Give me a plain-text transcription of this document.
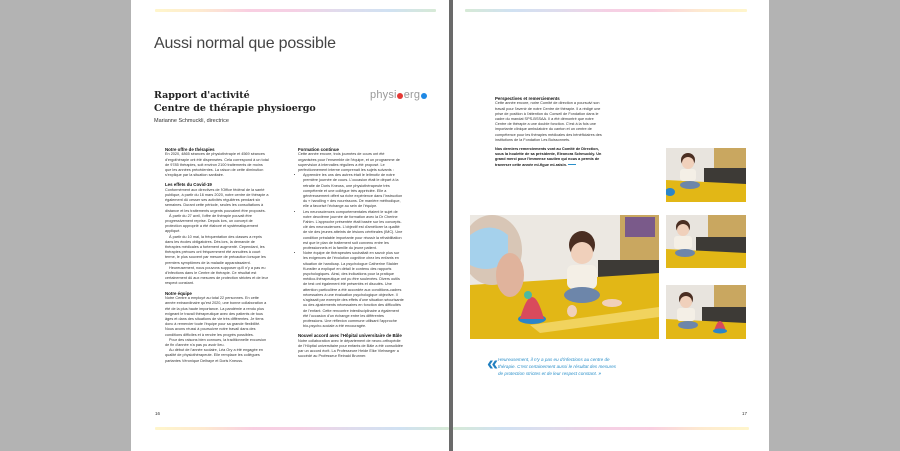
Aussi normal que possible
Rapport d'activité
Centre de thérapie physioergo
Marianne Schmuckli, directrice
physi erg
Notre offre de thérapies

En 2020, 4865 séances de physiothérapie et 4569 séances d'ergothérapie ont été dispensées. Cela correspond à un total de 9785 thérapies, soit environ 2100 traitements de moins que les années précédentes. La raison de cette diminution s'explique par la situation sanitaire.

Les effets du Covid-19

Conformément aux directives de l'Office fédéral de la santé publique, à partir du 16 mars 2020, notre centre de thérapie a également dû cesser ses activités régulières pendant six semaines. Durant cette période, seules les consultations à distance et les traitements urgents pouvaient être proposés.

À partir du 27 avril, l'offre de thérapie pouvait être progressivement reprise. Depuis lors, un concept de protection approprié a été élaboré et systématiquement appliqué.

À partir du 10 mai, la fréquentation des classes a repris dans les écoles obligatoires. Dès lors, la demande de thérapies médicales a fortement augmenté. Cependant, les thérapies prévues ont fréquemment été annulées à court terme, le plus souvent par mesure de précaution lorsque les premiers symptômes de la maladie apparaissaient.

Heureusement, nous pouvons supposer qu'il n'y a pas eu d'infections dans le Centre de thérapie. Ce résultat est certainement dû aux mesures de protection strictes et de leur respect constant.

Notre équipe

Notre Centre a employé au total 22 personnes. En cette année extraordinaire qu'est 2020, une bonne collaboration a été de la plus haute importance. La pandémie a rendu plus exigeant le travail thérapeutique avec des patients de tous âges et dans des situations de vie très différentes. Je tiens donc à remercier toute l'équipe pour sa grande flexibilité. Nous avons réussi à poursuivre notre travail dans des conditions difficiles et à rendre les progrès possibles.

Pour des raisons bien connues, la traditionnelle excursion de fin d'année n'a pas pu avoir lieu.

Au début de l'année scolaire, Léa Ory a été engagée en qualité de physiothérapeute. Elle remplace les collègues partantes Véronique Delhaye et Doris Kneuss.

Formation continue

Cette année encore, trois journées de cours ont été organisées pour l'ensemble de l'équipe, et un programme de supervision à intervalles réguliers a été proposé. Le perfectionnement interne comprenait les sujets suivants :

• Apprendre les uns des autres était le leitmotiv de notre première journée de cours. L'occasion était le départ à la retraite de Doris Kneuss, une physiothérapeute très compétente et une collègue très appréciée. Elle a généreusement offert sa riche expérience dans l'instruction du « handling » des nourrissons. De manière méthodique, elle a favorisé l'échange au sein de l'équipe.
• Les neurosciences comportementales étaient le sujet de notre deuxième journée de formation avec la Dr Cherine Fahim. L'approche présentée était basée sur les concepts-clé des neurosciences. L'objectif est d'améliorer la qualité de vie des jeunes atteints de lésions cérébrales (IMC). Une condition préalable importante pour réussir la réhabilitation est que le plan de traitement soit convenu entre les professionnels et la famille du jeune patient.
• Notre équipe de thérapeutes souhaitait en savoir plus sur les exigences de l'évolution cognitive chez les enfants en situation de handicap. La psychologue Catherine Stalder Kunstler a expliqué en détail le contenu des rapports psychologiques. Ainsi, des indications pour la pratique médico-thérapeutique ont pu être soulevées. Divers outils de test ont également été présentés et discutés. Une attention particulière a été accordée aux conditions-cadres nécessaires à une évaluation psychologique objective. Il s'agissait par exemple des effets d'une situation sécurisante ou des ajustements nécessaires en fonction des difficultés de l'enfant. Cette rencontre interdisciplinaire a également été l'occasion d'un échange entre les différentes professions. Une réflexion commune utilisant l'approche bio-psycho-sociale a été encouragée.
Nouvel accord avec l'Hôpital universitaire de Bâle

Notre collaboration avec le département de neuro-orthopédie de l'Hôpital universitaire pour enfants de Bâle a été consolidée par un accord écrit. La Professeure Heide Elke Viehweger a succédé au Professeur Reinald Brunner.

16
Perspectives et remerciements

Cette année encore, notre Comité de direction a poursuivi son travail pour l'avenir de notre Centre de thérapie. Il a rédigé une prise de position à l'attention du Conseil de Fondation dans le cadre du mandat SPS-BSSAA. Il a été démontré que notre Centre de thérapie a une double fonction. C'est à la fois une importante clinique ambulatoire du canton et un centre de compétence pour les thérapies médicales des bénéficiaires des institutions de la Fondation Les Buissonnets.

Nos derniers remerciements vont au Comité de Direction, sous la houlette de sa présidente, Eleonora Schmuckly. Un grand merci pour l'immense soutien qui nous a permis de traverser cette année mi-figue mi-raisin.

« Heureusement, il n'y a pas eu d'infections au centre de thérapie. C'est certainement aussi le résultat des mesures de protection strictes et de leur respect constant. »
17
